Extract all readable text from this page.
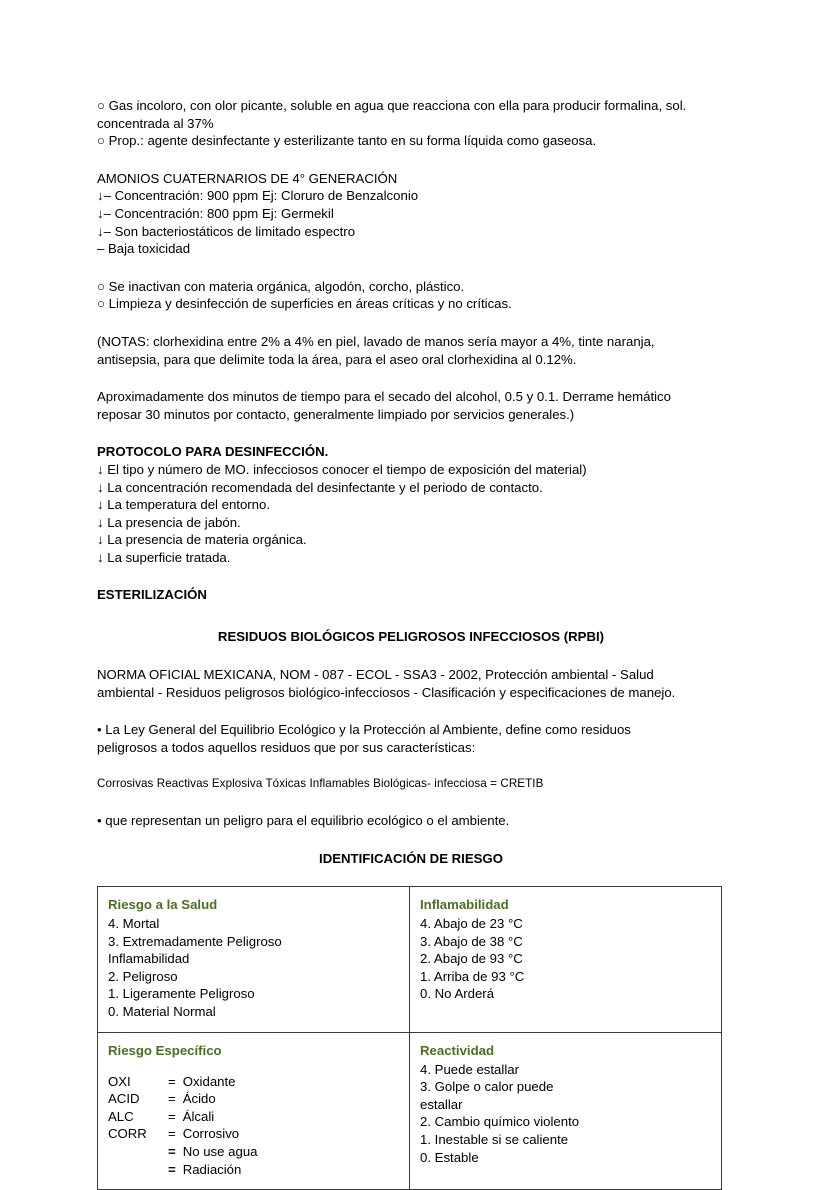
○ Gas incoloro, con olor picante, soluble en agua que reacciona con ella para producir formalina, sol.
concentrada al 37%
○ Prop.: agente desinfectante y esterilizante tanto en su forma líquida como gaseosa.
AMONIOS CUATERNARIOS DE 4° GENERACIÓN
↓– Concentración: 900 ppm Ej: Cloruro de Benzalconio
↓– Concentración: 800 ppm Ej: Germekil
↓– Son bacteriostáticos de limitado espectro
– Baja toxicidad
○ Se inactivan con materia orgánica, algodón, corcho, plástico.
○ Limpieza y desinfección de superficies en áreas críticas y no críticas.
(NOTAS: clorhexidina entre 2% a 4% en piel, lavado de manos sería mayor a 4%, tinte naranja,
antisepsia, para que delimite toda la área, para el aseo oral clorhexidina al 0.12%.
Aproximadamente dos minutos de tiempo para el secado del alcohol, 0.5 y 0.1. Derrame hemático
reposar 30 minutos por contacto, generalmente limpiado por servicios generales.)
PROTOCOLO PARA DESINFECCIÓN.
↓ El tipo y número de MO. infecciosos conocer el tiempo de exposición del material)
↓ La concentración recomendada del desinfectante y el periodo de contacto.
↓ La temperatura del entorno.
↓ La presencia de jabón.
↓ La presencia de materia orgánica.
↓ La superficie tratada.
ESTERILIZACIÓN
RESIDUOS BIOLÓGICOS PELIGROSOS INFECCIOSOS (RPBI)
NORMA OFICIAL MEXICANA, NOM - 087 - ECOL - SSA3 - 2002, Protección ambiental - Salud
ambiental - Residuos peligrosos biológico-infecciosos - Clasificación y especificaciones de manejo.
• La Ley General del Equilibrio Ecológico y la Protección al Ambiente, define como residuos
peligrosos a todos aquellos residuos que por sus características:
Corrosivas Reactivas Explosiva Tóxicas Inflamables Biológicas- infecciosa = CRETIB
• que representan un peligro para el equilibrio ecológico o el ambiente.
IDENTIFICACIÓN DE RIESGO
Riesgo a la Salud
4. Mortal
3. Extremadamente Peligroso
Inflamabilidad
2. Peligroso
1. Ligeramente Peligroso
0. Material Normal

Inflamabilidad
4. Abajo de 23 °C
3. Abajo de 38 °C
2. Abajo de 93 °C
1. Arriba de 93 °C
0. No Arderá

Riesgo Específico
OXI	=	Oxidante
ACID	=	Ácido
ALC	=	Álcali
CORR	=	Corrosivo
	=	No use agua
	=	Radiación

Reactividad
4. Puede estallar
3. Golpe o calor puede
estallar
2. Cambio químico violento
1. Inestable si se caliente
0. Estable
